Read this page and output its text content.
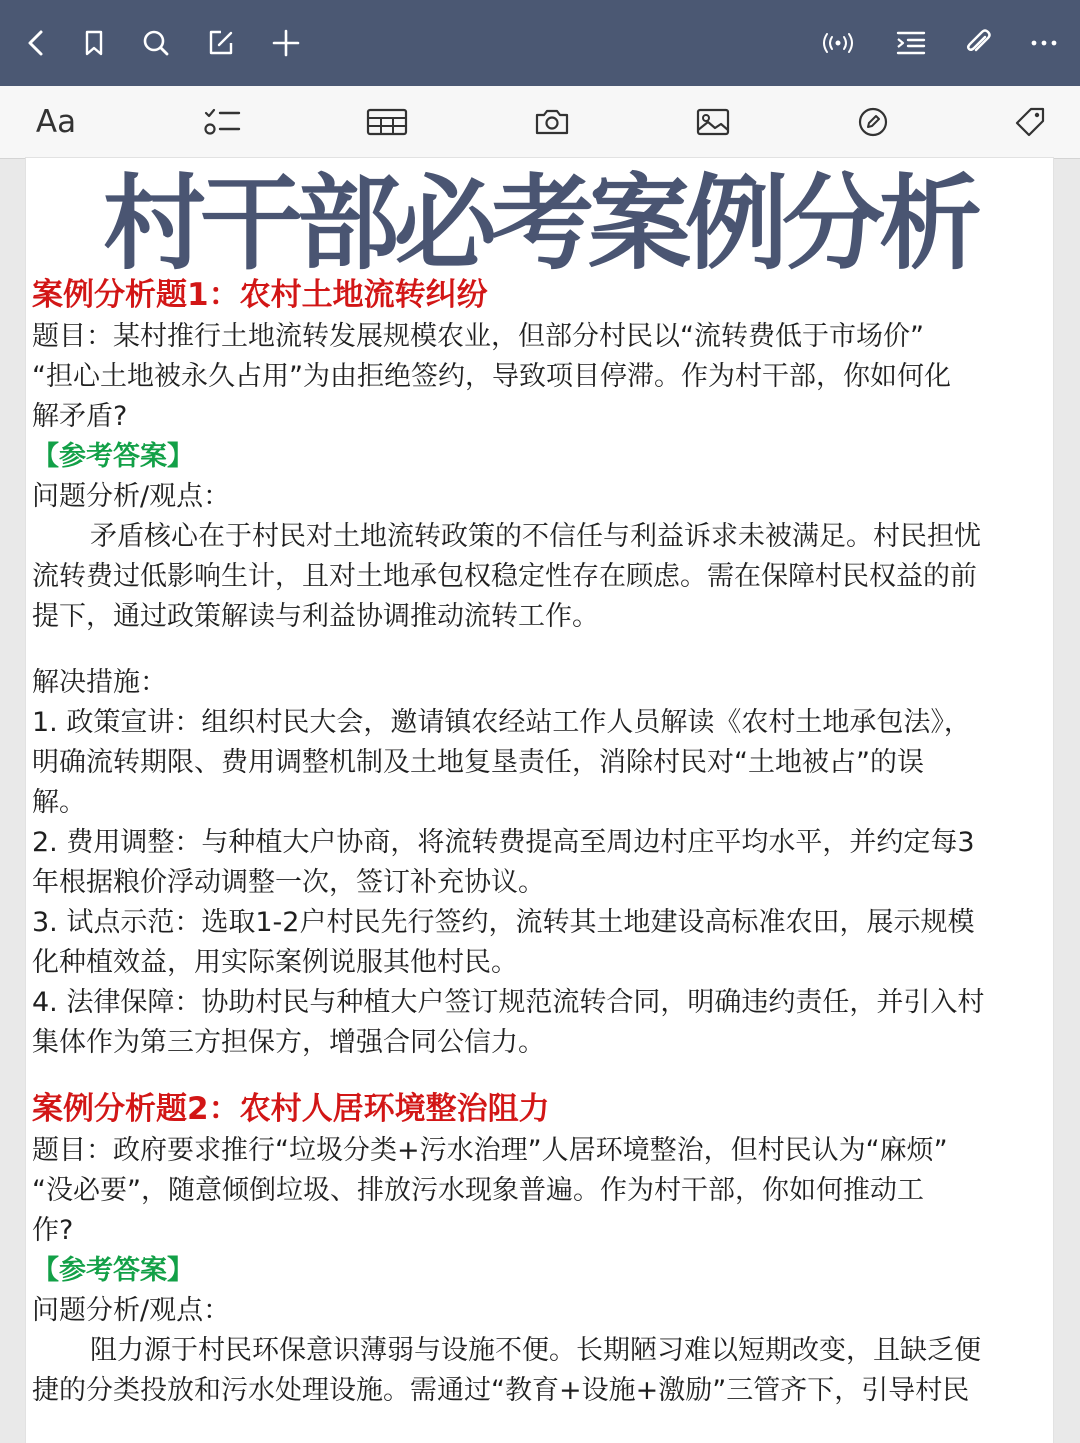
Aa
村干部必考案例分析
案例分析题1：农村土地流转纠纷
题目：某村推行土地流转发展规模农业，但部分村民以“流转费低于市场价”
“担心土地被永久占用”为由拒绝签约，导致项目停滞。作为村干部，你如何化
解矛盾?
【参考答案】
问题分析/观点：
矛盾核心在于村民对土地流转政策的不信任与利益诉求未被满足。村民担忧
流转费过低影响生计，且对土地承包权稳定性存在顾虑。需在保障村民权益的前
提下，通过政策解读与利益协调推动流转工作。
解决措施：
1. 政策宣讲：组织村民大会，邀请镇农经站工作人员解读《农村土地承包法》，
明确流转期限、费用调整机制及土地复垦责任，消除村民对“土地被占”的误
解。
2. 费用调整：与种植大户协商，将流转费提高至周边村庄平均水平，并约定每3
年根据粮价浮动调整一次，签订补充协议。
3. 试点示范：选取1-2户村民先行签约，流转其土地建设高标准农田，展示规模
化种植效益，用实际案例说服其他村民。
4. 法律保障：协助村民与种植大户签订规范流转合同，明确违约责任，并引入村
集体作为第三方担保方，增强合同公信力。
案例分析题2：农村人居环境整治阻力
题目：政府要求推行“垃圾分类+污水治理”人居环境整治，但村民认为“麻烦”
“没必要”，随意倾倒垃圾、排放污水现象普遍。作为村干部，你如何推动工
作?
【参考答案】
问题分析/观点：
阻力源于村民环保意识薄弱与设施不便。长期陋习难以短期改变，且缺乏便
捷的分类投放和污水处理设施。需通过“教育+设施+激励”三管齐下，引导村民
